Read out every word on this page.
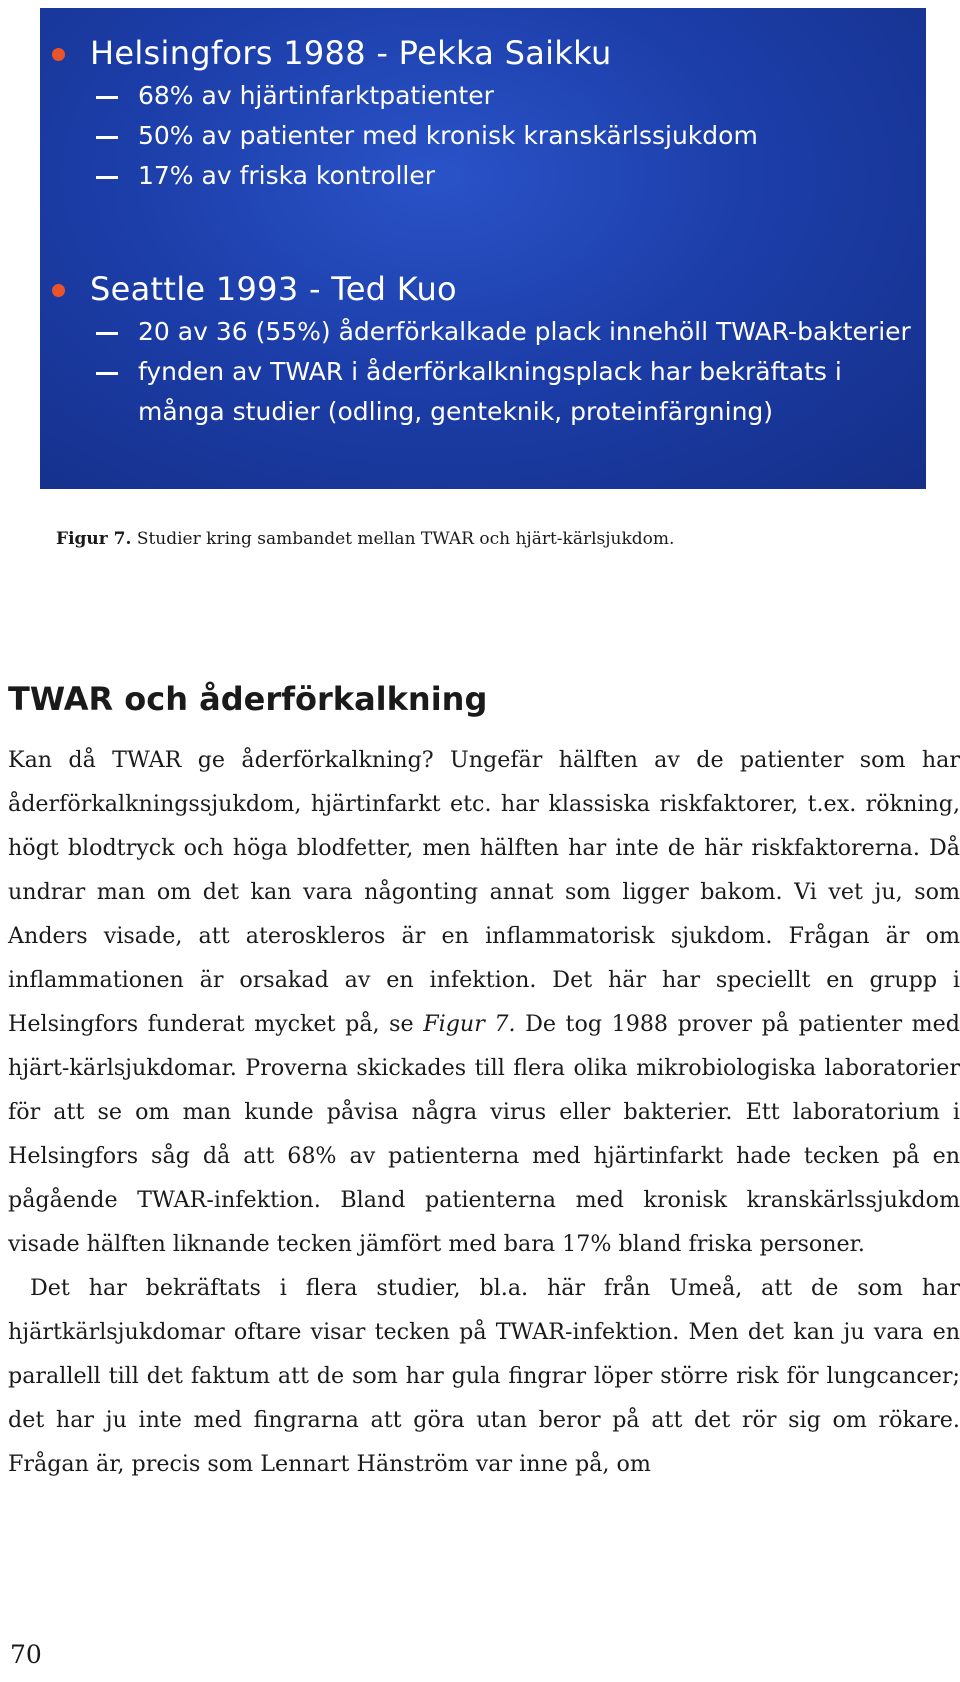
Helsingfors 1988 - Pekka Saikku
68% av hjärtinfarktpatienter
50% av patienter med kronisk kranskärlssjukdom
17% av friska kontroller
Seattle 1993 - Ted Kuo
20 av 36 (55%) åderförkalkade plack innehöll TWAR-bakterier
fynden av TWAR i åderförkalkningsplack har bekräftats i många studier (odling, genteknik, proteinfärgning)
Figur 7. Studier kring sambandet mellan TWAR och hjärt-kärlsjukdom.
TWAR och åderförkalkning

Kan då TWAR ge åderförkalkning? Ungefär hälften av de patienter som har åderförkalkningssjukdom, hjärtinfarkt etc. har klassiska riskfaktorer, t.ex. rökning, högt blodtryck och höga blodfetter, men hälften har inte de här riskfaktorerna. Då undrar man om det kan vara någonting annat som ligger bakom. Vi vet ju, som Anders visade, att ateroskleros är en inflammatorisk sjukdom. Frågan är om inflammationen är orsakad av en infektion. Det här har speciellt en grupp i Helsingfors funderat mycket på, se Figur 7. De tog 1988 prover på patienter med hjärt-kärlsjukdomar. Proverna skickades till flera olika mikrobiologiska laboratorier för att se om man kunde påvisa några virus eller bakterier. Ett laboratorium i Helsingfors såg då att 68% av patienterna med hjärtinfarkt hade tecken på en pågående TWAR-infektion. Bland patienterna med kronisk kranskärlssjukdom visade hälften liknande tecken jämfört med bara 17% bland friska personer.

Det har bekräftats i flera studier, bl.a. här från Umeå, att de som har hjärtkärlsjukdomar oftare visar tecken på TWAR-infektion. Men det kan ju vara en parallell till det faktum att de som har gula fingrar löper större risk för lungcancer; det har ju inte med fingrarna att göra utan beror på att det rör sig om rökare. Frågan är, precis som Lennart Hänström var inne på, om

70
